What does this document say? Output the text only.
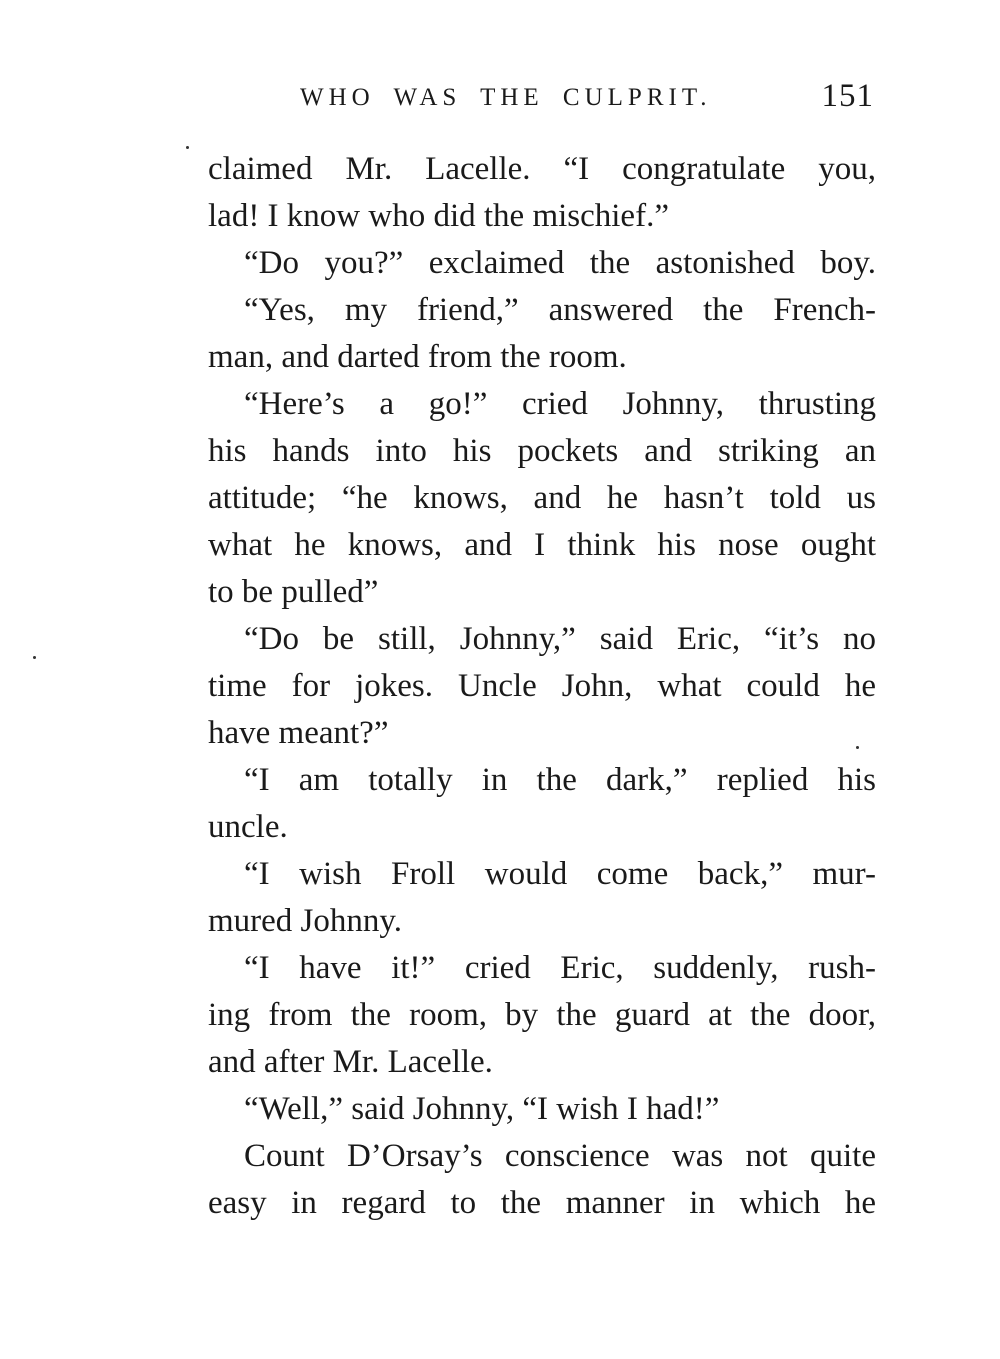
WHO WAS THE CULPRIT.	151
claimed Mr. Lacelle. “I congratulate you,
lad! I know who did the mischief.”
“Do you?” exclaimed the astonished boy.
“Yes, my friend,” answered the French-
man, and darted from the room.
“Here’s a go!” cried Johnny, thrusting
his hands into his pockets and striking an
attitude; “he knows, and he hasn’t told us
what he knows, and I think his nose ought
to be pulled”
“Do be still, Johnny,” said Eric, “it’s no
time for jokes. Uncle John, what could he
have meant?”
“I am totally in the dark,” replied his
uncle.
“I wish Froll would come back,” mur-
mured Johnny.
“I have it!” cried Eric, suddenly, rush-
ing from the room, by the guard at the door,
and after Mr. Lacelle.
“Well,” said Johnny, “I wish I had!”
Count D’Orsay’s conscience was not quite
easy in regard to the manner in which he
